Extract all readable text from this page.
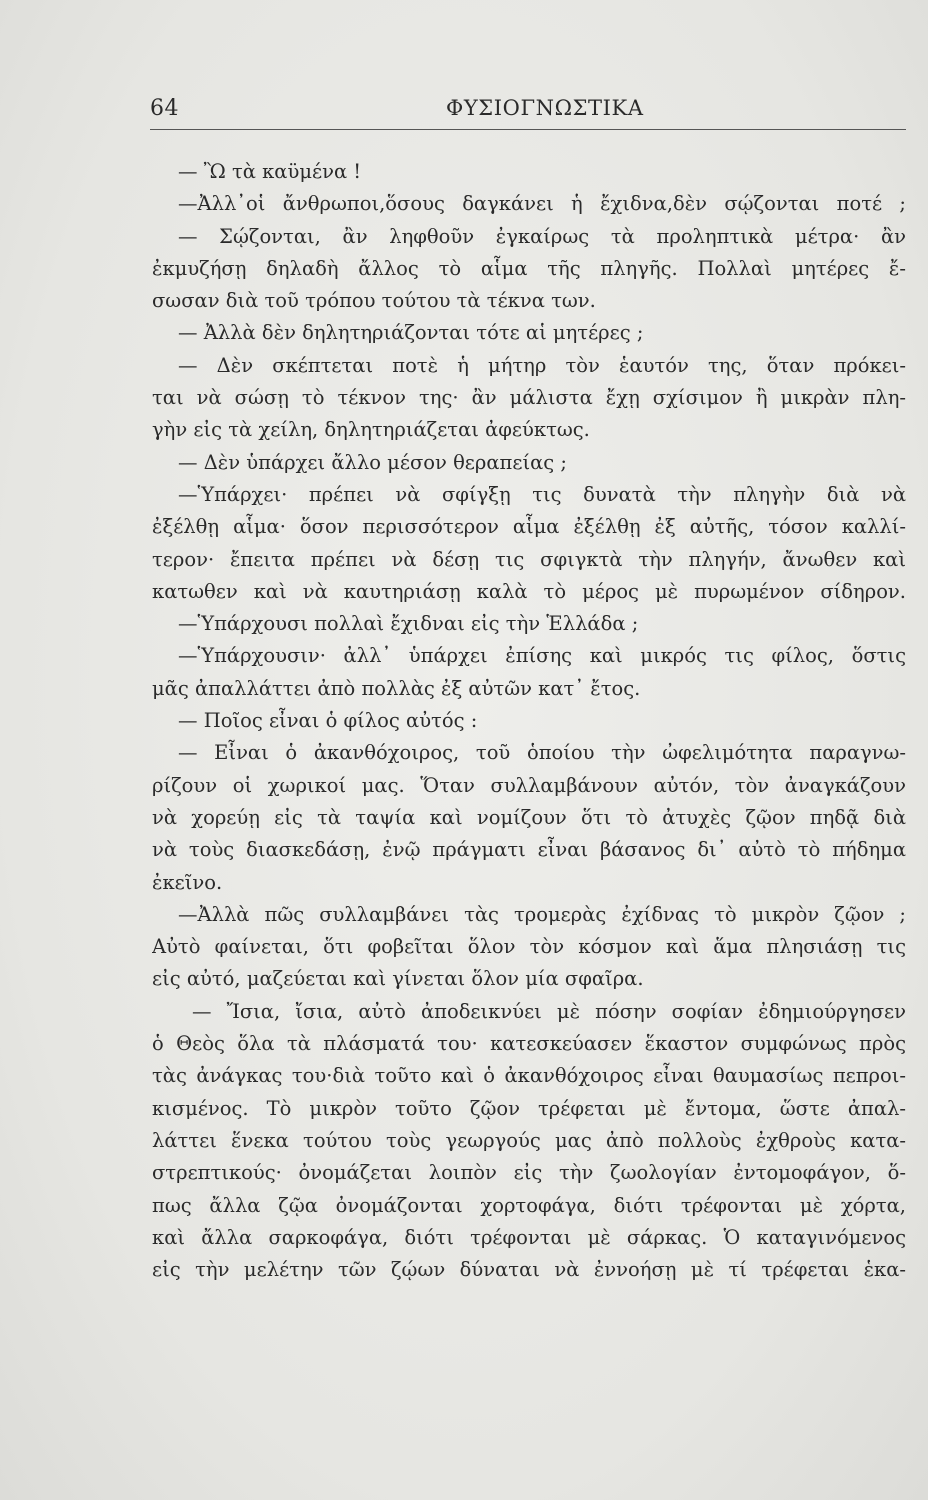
64	ΦΥΣΙΟΓΝΩΣΤΙΚΑ
— Ὢ τὰ καϋμένα !
—Ἀλλ᾽οἱ ἄνθρωποι,ὅσους δαγκάνει ἡ ἔχιδνα,δὲν σῴζονται ποτέ ;
— Σῴζονται, ἂν ληφθοῦν ἐγκαίρως τὰ προληπτικὰ μέτρα· ἂν
ἐκμυζήσῃ δηλαδὴ ἄλλος τὸ αἷμα τῆς πληγῆς. Πολλαὶ μητέρες ἔ-
σωσαν διὰ τοῦ τρόπου τούτου τὰ τέκνα των.
— Ἀλλὰ δὲν δηλητηριάζονται τότε αἱ μητέρες ;
— Δὲν σκέπτεται ποτὲ ἡ μήτηρ τὸν ἑαυτόν της, ὅταν πρόκει-
ται νὰ σώσῃ τὸ τέκνον της· ἂν μάλιστα ἔχῃ σχίσιμον ἢ μικρὰν πλη-
γὴν εἰς τὰ χείλη, δηλητηριάζεται ἀφεύκτως.
— Δὲν ὑπάρχει ἄλλο μέσον θεραπείας ;
—Ὑπάρχει· πρέπει νὰ σφίγξῃ τις δυνατὰ τὴν πληγὴν διὰ νὰ
ἐξέλθῃ αἷμα· ὅσον περισσότερον αἷμα ἐξέλθῃ ἐξ αὐτῆς, τόσον καλλί-
τερον· ἔπειτα πρέπει νὰ δέσῃ τις σφιγκτὰ τὴν πληγήν, ἄνωθεν καὶ
κατωθεν καὶ νὰ καυτηριάσῃ καλὰ τὸ μέρος μὲ πυρωμένον σίδηρον.
—Ὑπάρχουσι πολλαὶ ἔχιδναι εἰς τὴν Ἑλλάδα ;
—Ὑπάρχουσιν· ἀλλ᾽ ὑπάρχει ἐπίσης καὶ μικρός τις φίλος, ὅστις
μᾶς ἀπαλλάττει ἀπὸ πολλὰς ἐξ αὐτῶν κατ᾽ ἔτος.
— Ποῖος εἶναι ὁ φίλος αὐτός :
— Εἶναι ὁ ἀκανθόχοιρος, τοῦ ὁποίου τὴν ὠφελιμότητα παραγνω-
ρίζουν οἱ χωρικοί μας. Ὅταν συλλαμβάνουν αὐτόν, τὸν ἀναγκάζουν
νὰ χορεύῃ εἰς τὰ ταψία καὶ νομίζουν ὅτι τὸ ἀτυχὲς ζῷον πηδᾷ διὰ
νὰ τοὺς διασκεδάσῃ, ἐνῷ πράγματι εἶναι βάσανος δι᾽ αὐτὸ τὸ πήδημα
ἐκεῖνο.
—Ἀλλὰ πῶς συλλαμβάνει τὰς τρομερὰς ἐχίδνας τὸ μικρὸν ζῷον ;
Αὐτὸ φαίνεται, ὅτι φοβεῖται ὅλον τὸν κόσμον καὶ ἅμα πλησιάσῃ τις
εἰς αὐτό, μαζεύεται καὶ γίνεται ὅλον μία σφαῖρα.
— Ἴσια, ἴσια, αὐτὸ ἀποδεικνύει μὲ πόσην σοφίαν ἐδημιούργησεν
ὁ Θεὸς ὅλα τὰ πλάσματά του· κατεσκεύασεν ἕκαστον συμφώνως πρὸς
τὰς ἀνάγκας του·διὰ τοῦτο καὶ ὁ ἀκανθόχοιρος εἶναι θαυμασίως πεπροι-
κισμένος. Τὸ μικρὸν τοῦτο ζῷον τρέφεται μὲ ἔντομα, ὥστε ἀπαλ-
λάττει ἕνεκα τούτου τοὺς γεωργούς μας ἀπὸ πολλοὺς ἐχθροὺς κατα-
στρεπτικούς· ὀνομάζεται λοιπὸν εἰς τὴν ζωολογίαν ἐντομοφάγον, ὅ-
πως ἄλλα ζῷα ὀνομάζονται χορτοφάγα, διότι τρέφονται μὲ χόρτα,
καὶ ἄλλα σαρκοφάγα, διότι τρέφονται μὲ σάρκας. Ὁ καταγινόμενος
εἰς τὴν μελέτην τῶν ζῴων δύναται νὰ ἐννοήσῃ μὲ τί τρέφεται ἑκα-
